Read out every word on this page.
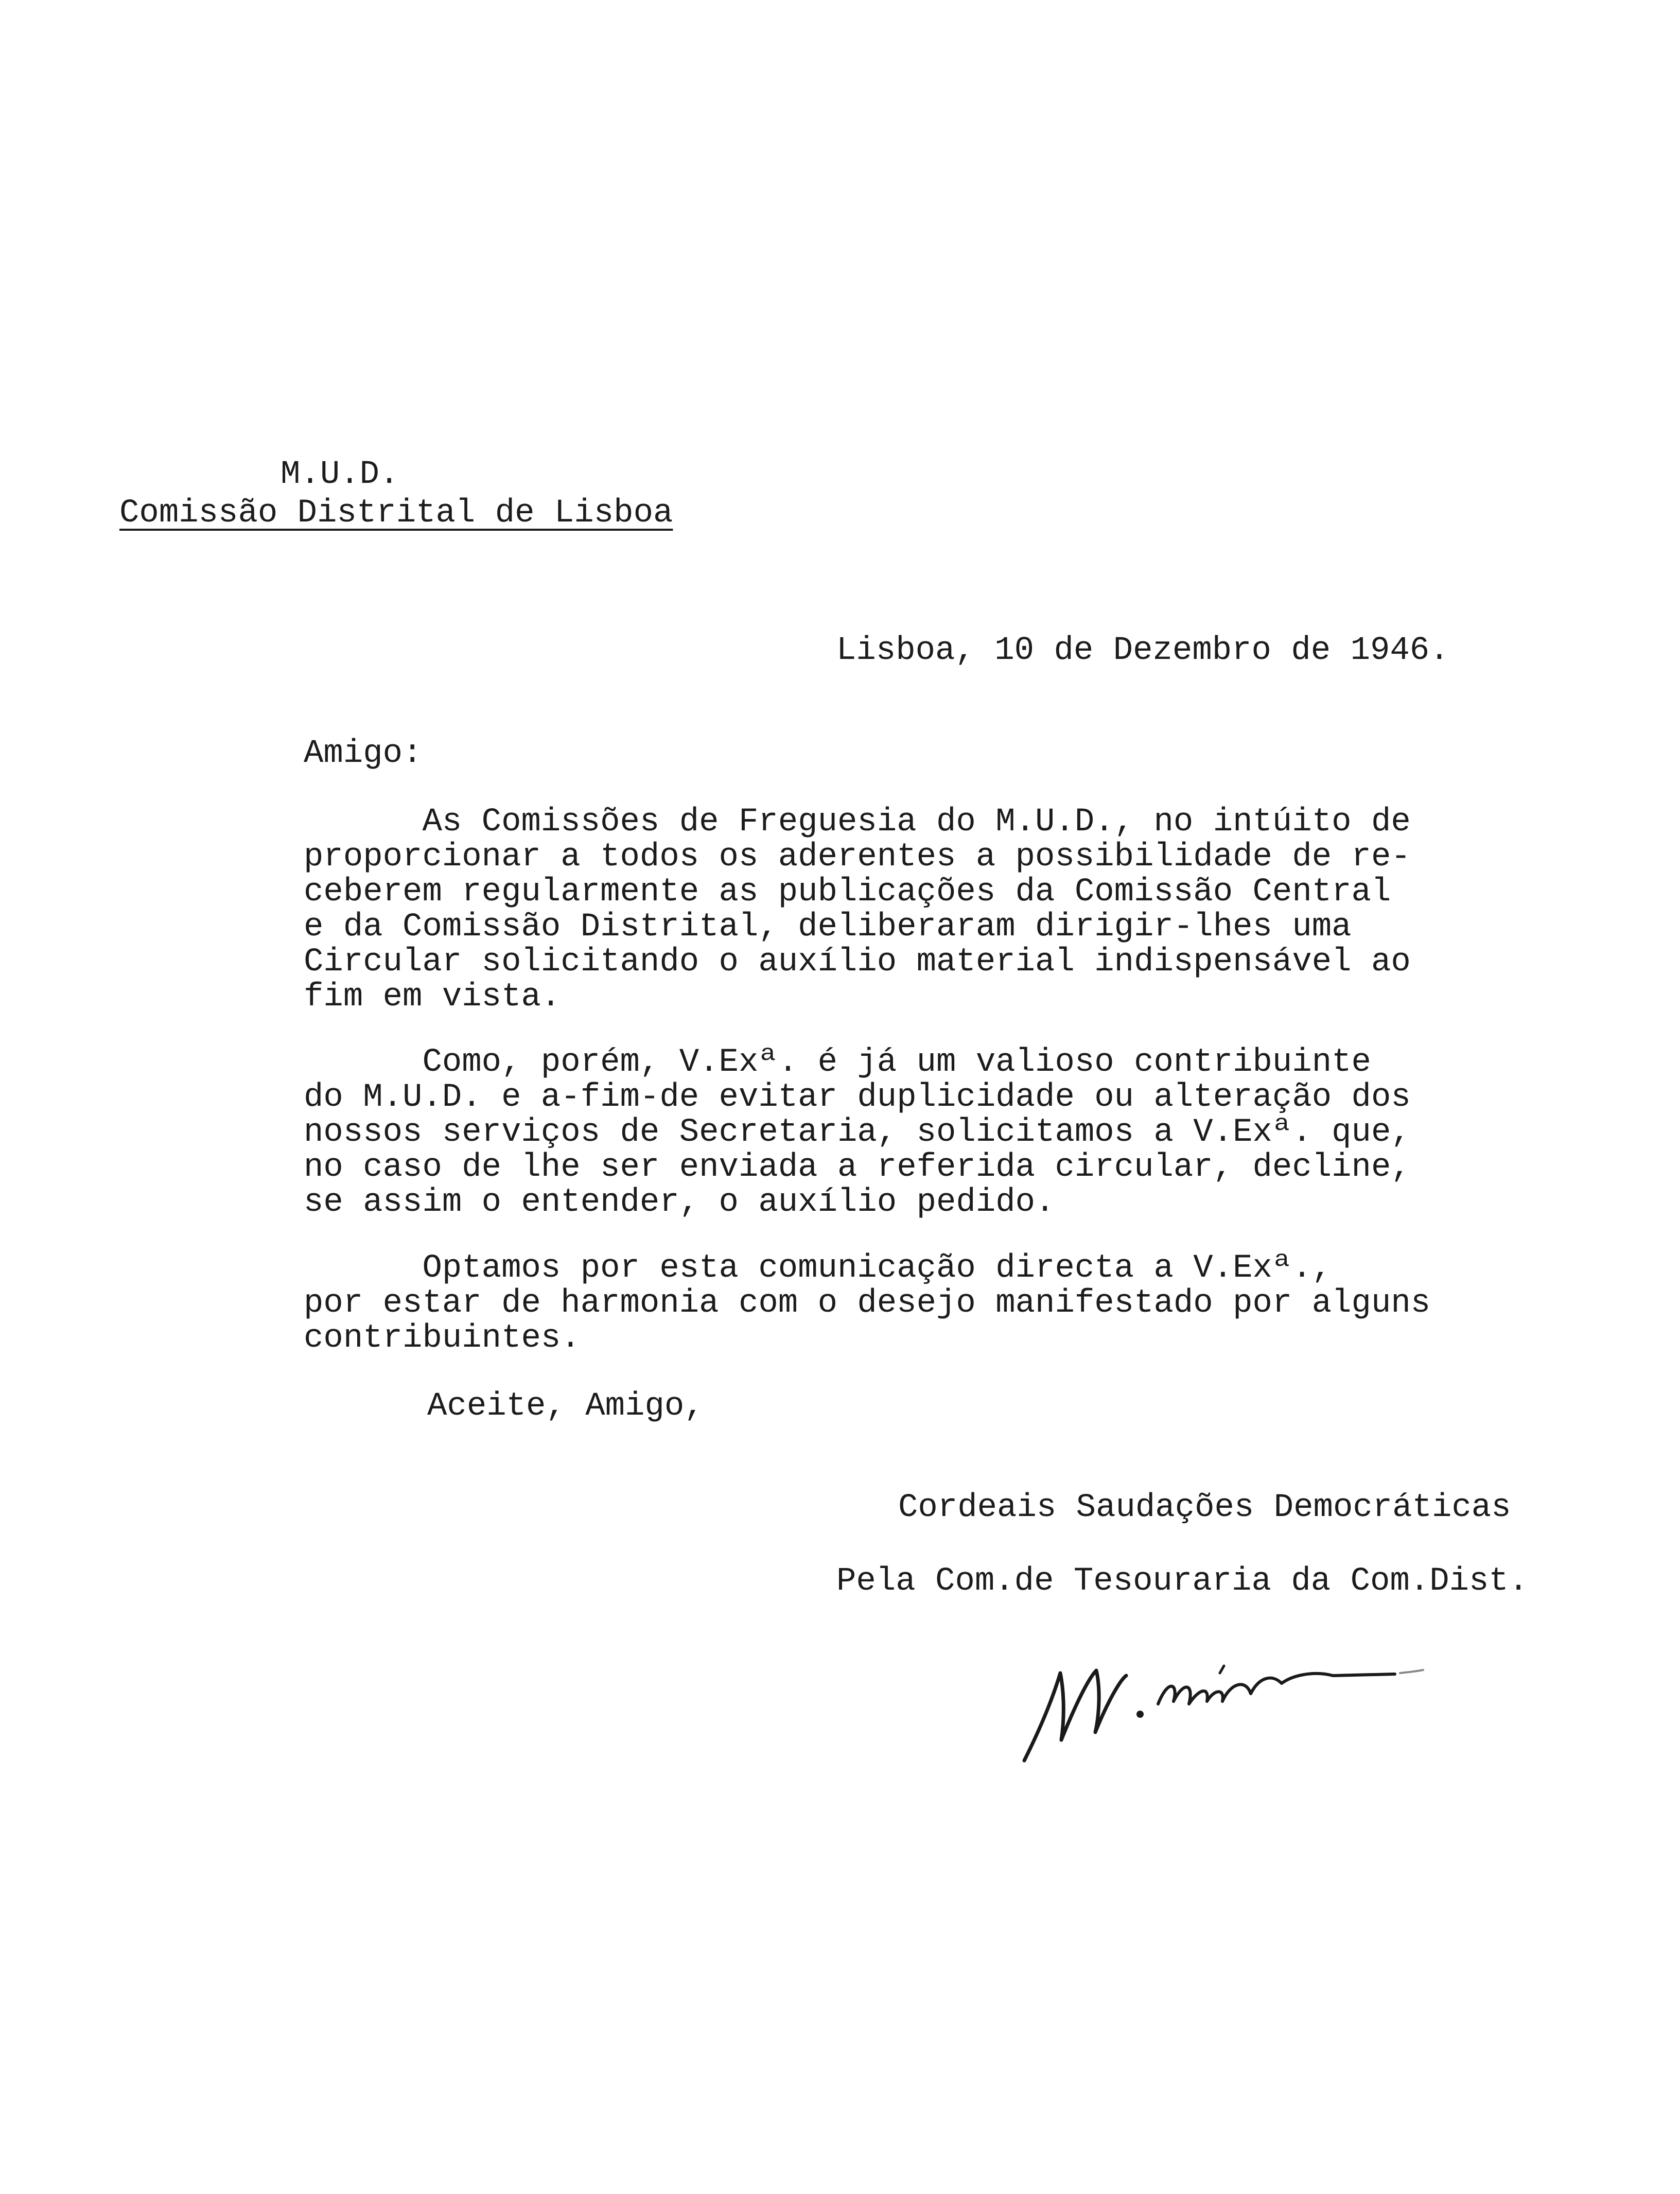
M.U.D.
Comissão Distrital de Lisboa
Lisboa, 10 de Dezembro de 1946.
Amigo:
As Comissões de Freguesia do M.U.D., no intúito de
proporcionar a todos os aderentes a possibilidade de re-
ceberem regularmente as publicações da Comissão Central
e da Comissão Distrital, deliberaram dirigir-lhes uma
Circular solicitando o auxílio material indispensável ao
fim em vista.
Como, porém, V.Exª. é já um valioso contribuinte
do M.U.D. e a-fim-de evitar duplicidade ou alteração dos
nossos serviços de Secretaria, solicitamos a V.Exª. que,
no caso de lhe ser enviada a referida circular, decline,
se assim o entender, o auxílio pedido.
Optamos por esta comunicação directa a V.Exª.,
por estar de harmonia com o desejo manifestado por alguns
contribuintes.
Aceite, Amigo,
Cordeais Saudações Democráticas
Pela Com.de Tesouraria da Com.Dist.
